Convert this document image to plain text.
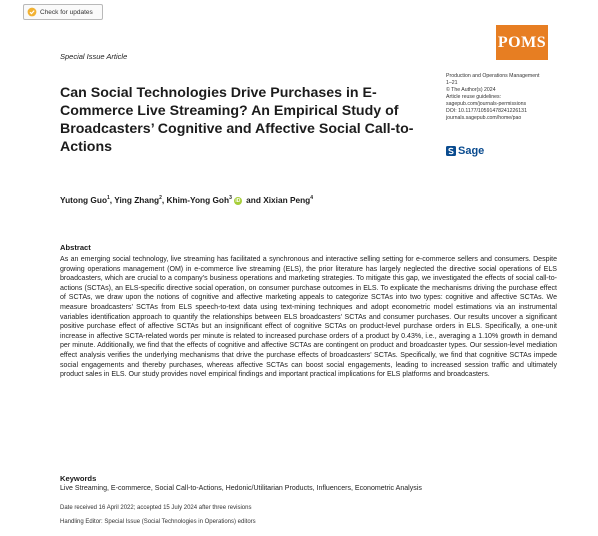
Check for updates
POMS
Special Issue Article
Can Social Technologies Drive Purchases in E-Commerce Live Streaming? An Empirical Study of Broadcasters’ Cognitive and Affective Social Call-to-Actions
Production and Operations Management
1–21
© The Author(s) 2024
Article reuse guidelines:
sagepub.com/journals-permissions
DOI: 10.1177/10591478241226131
journals.sagepub.com/home/pao
Sage
Yutong Guo$^1$, Ying Zhang$^2$, Khim-Yong Goh$^3$ iD and Xixian Peng$^4$
Abstract
As an emerging social technology, live streaming has facilitated a synchronous and interactive selling setting for e-commerce sellers and consumers. Despite growing operations management (OM) in e-commerce live streaming (ELS), the prior literature has largely neglected the directive social operations of ELS broadcasters, which are crucial to a company’s business operations and marketing strategies. To mitigate this gap, we investigated the effects of social call-to-actions (SCTAs), an ELS-specific directive social operation, on consumer purchase outcomes in ELS. To explicate the mechanisms driving the purchase effect of SCTAs, we draw upon the notions of cognitive and affective marketing appeals to categorize SCTAs into two types: cognitive and affective SCTAs. We measure broadcasters’ SCTAs from ELS speech-to-text data using text-mining techniques and adopt econometric model estimations via an instrumental variables identification approach to quantify the relationships between ELS broadcasters’ SCTAs and consumer purchases. Our results uncover a significant positive purchase effect of affective SCTAs but an insignificant effect of cognitive SCTAs on product-level purchase orders in ELS. Specifically, a one-unit increase in affective SCTA-related words per minute is related to increased purchase orders of a product by 0.43%, i.e., averaging a 1.10% growth in demand per minute. Additionally, we find that the effects of cognitive and affective SCTAs are contingent on product and broadcaster types. Our session-level mediation effect analysis verifies the underlying mechanisms that drive the purchase effects of broadcasters’ SCTAs. Specifically, we find that cognitive SCTAs impede social engagements and thereby purchases, whereas affective SCTAs can boost social engagements, leading to increased session traffic and ultimately product sales in ELS. Our study provides novel empirical findings and important practical implications for ELS platforms and broadcasters.
Keywords
Live Streaming, E-commerce, Social Call-to-Actions, Hedonic/Utilitarian Products, Influencers, Econometric Analysis
Date received 16 April 2022; accepted 15 July 2024 after three revisions
Handling Editor: Special Issue (Social Technologies in Operations) editors
